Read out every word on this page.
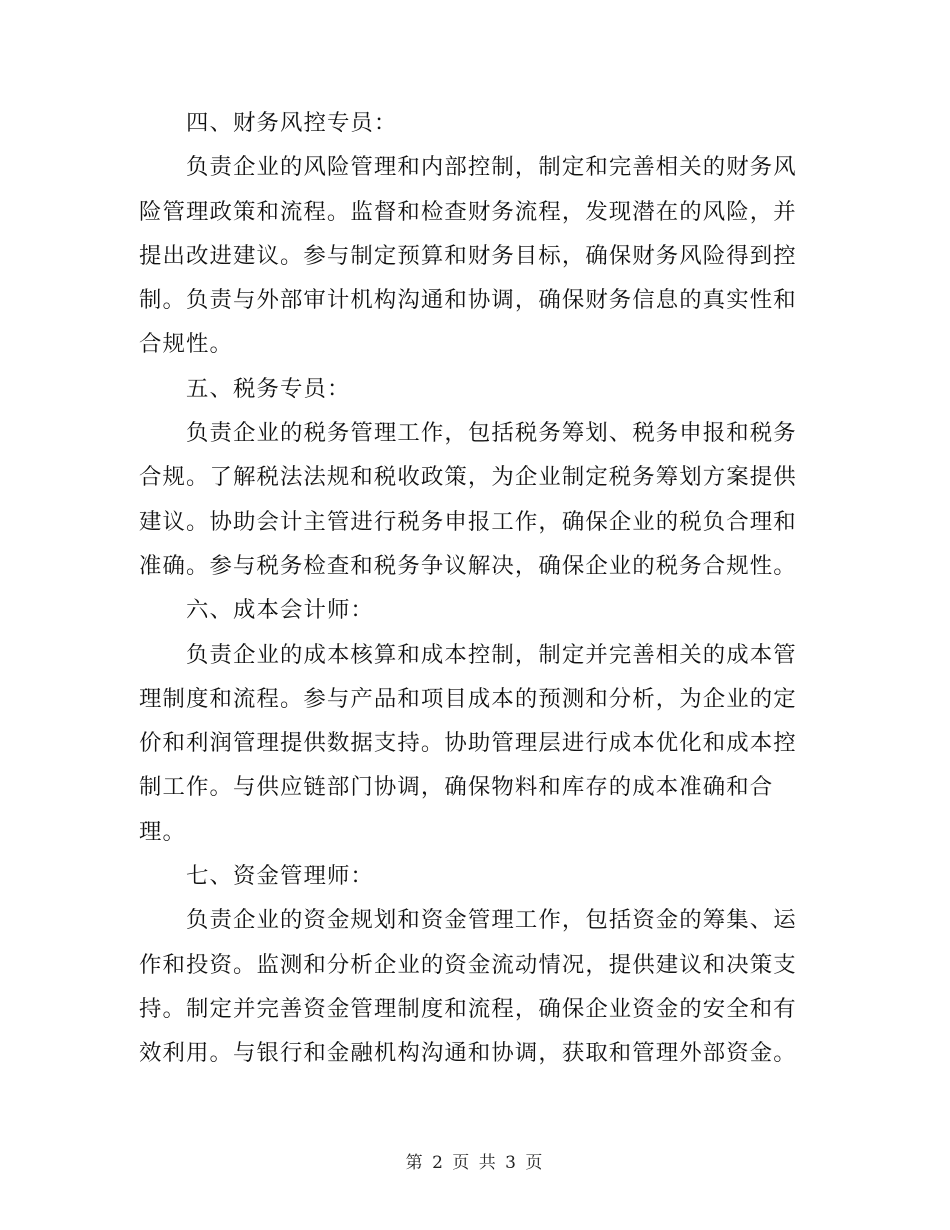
四、财务风控专员：
负责企业的风险管理和内部控制，制定和完善相关的财务风
险管理政策和流程。监督和检查财务流程，发现潜在的风险，并
提出改进建议。参与制定预算和财务目标，确保财务风险得到控
制。负责与外部审计机构沟通和协调，确保财务信息的真实性和
合规性。
五、税务专员：
负责企业的税务管理工作，包括税务筹划、税务申报和税务
合规。了解税法法规和税收政策，为企业制定税务筹划方案提供
建议。协助会计主管进行税务申报工作，确保企业的税负合理和
准确。参与税务检查和税务争议解决，确保企业的税务合规性。
六、成本会计师：
负责企业的成本核算和成本控制，制定并完善相关的成本管
理制度和流程。参与产品和项目成本的预测和分析，为企业的定
价和利润管理提供数据支持。协助管理层进行成本优化和成本控
制工作。与供应链部门协调，确保物料和库存的成本准确和合
理。
七、资金管理师：
负责企业的资金规划和资金管理工作，包括资金的筹集、运
作和投资。监测和分析企业的资金流动情况，提供建议和决策支
持。制定并完善资金管理制度和流程，确保企业资金的安全和有
效利用。与银行和金融机构沟通和协调，获取和管理外部资金。
第 2 页 共 3 页
